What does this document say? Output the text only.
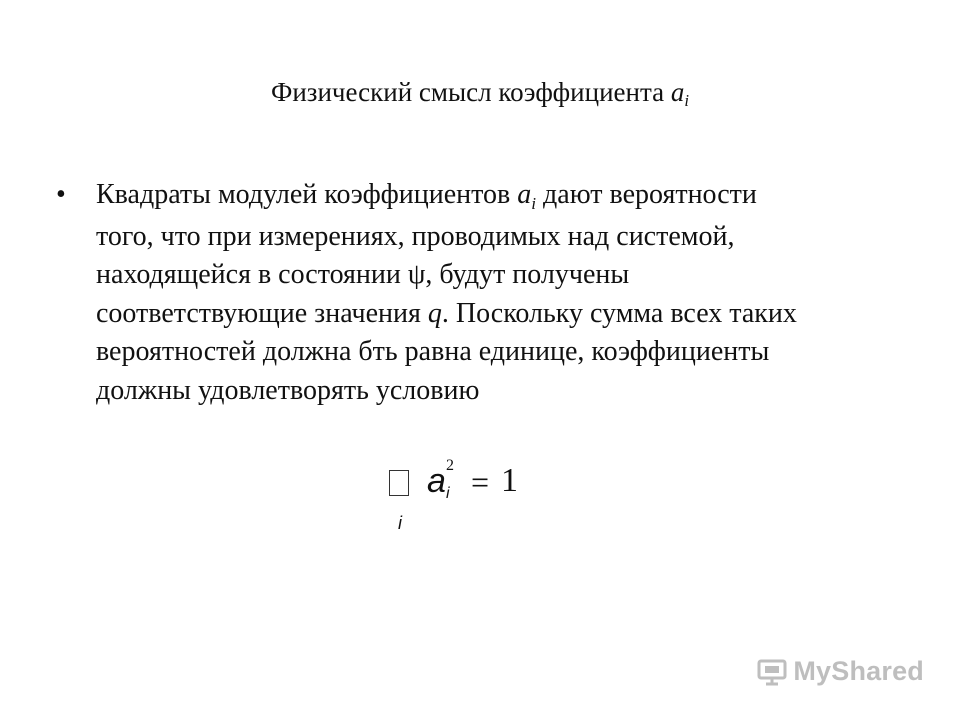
Физический смысл коэффициента ai
• Квадраты модулей коэффициентов ai дают вероятности
того, что при измерениях, проводимых над системой,
находящейся в состоянии ψ, будут получены
соответствующие значения q. Поскольку сумма всех таких
вероятностей должна бть равна единице, коэффициенты
должны удовлетворять условию
i
a 2
i = 1
MyShared
